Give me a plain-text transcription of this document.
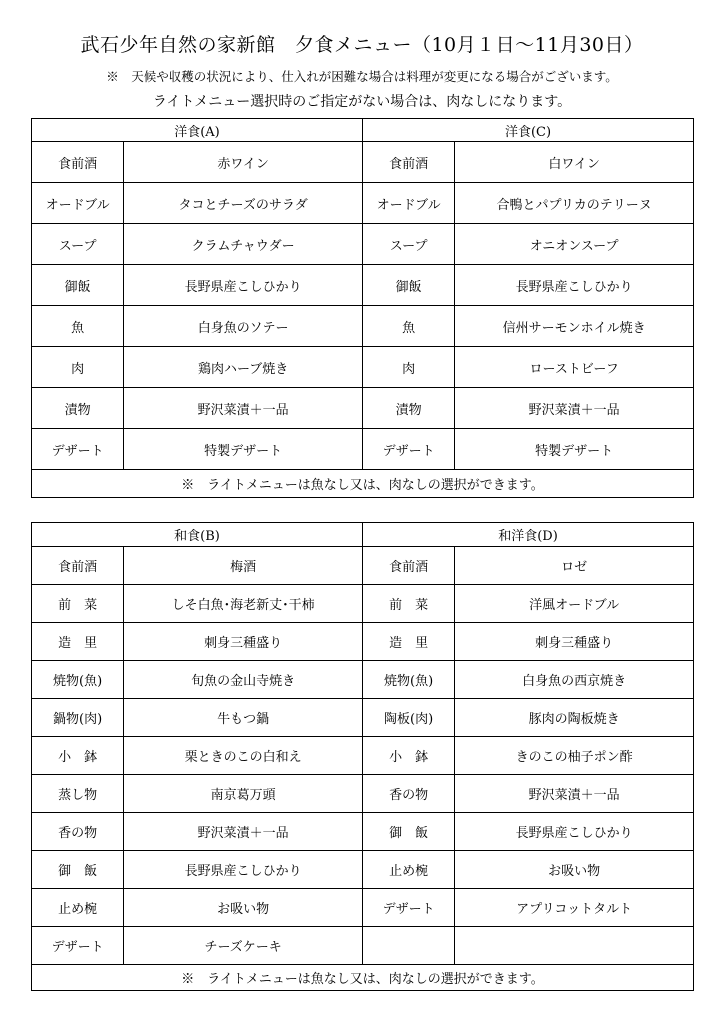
武石少年自然の家新館　夕食メニュー（10月１日～11月30日）
※　天候や収穫の状況により、仕入れが困難な場合は料理が変更になる場合がございます。
ライトメニュー選択時のご指定がない場合は、肉なしになります。
洋食(A)		洋食(C)	
食前酒	赤ワイン	食前酒	白ワイン
オードブル	タコとチーズのサラダ	オードブル	合鴨とパプリカのテリーヌ
スープ	クラムチャウダー	スープ	オニオンスープ
御飯	長野県産こしひかり	御飯	長野県産こしひかり
魚	白身魚のソテー	魚	信州サーモンホイル焼き
肉	鶏肉ハーブ焼き	肉	ローストビーフ
漬物	野沢菜漬＋一品	漬物	野沢菜漬＋一品
デザート	特製デザート	デザート	特製デザート
※　ライトメニューは魚なし又は、肉なしの選択ができます。			
和食(B)		和洋食(D)	
食前酒	梅酒	食前酒	ロゼ
前　菜	しそ白魚･海老新丈･干柿	前　菜	洋風オードブル
造　里	刺身三種盛り	造　里	刺身三種盛り
焼物(魚)	旬魚の金山寺焼き	焼物(魚)	白身魚の西京焼き
鍋物(肉)	牛もつ鍋	陶板(肉)	豚肉の陶板焼き
小　鉢	栗ときのこの白和え	小　鉢	きのこの柚子ポン酢
蒸し物	南京葛万頭	香の物	野沢菜漬＋一品
香の物	野沢菜漬＋一品	御　飯	長野県産こしひかり
御　飯	長野県産こしひかり	止め椀	お吸い物
止め椀	お吸い物	デザート	アプリコットタルト
デザート	チーズケーキ		
※　ライトメニューは魚なし又は、肉なしの選択ができます。			
